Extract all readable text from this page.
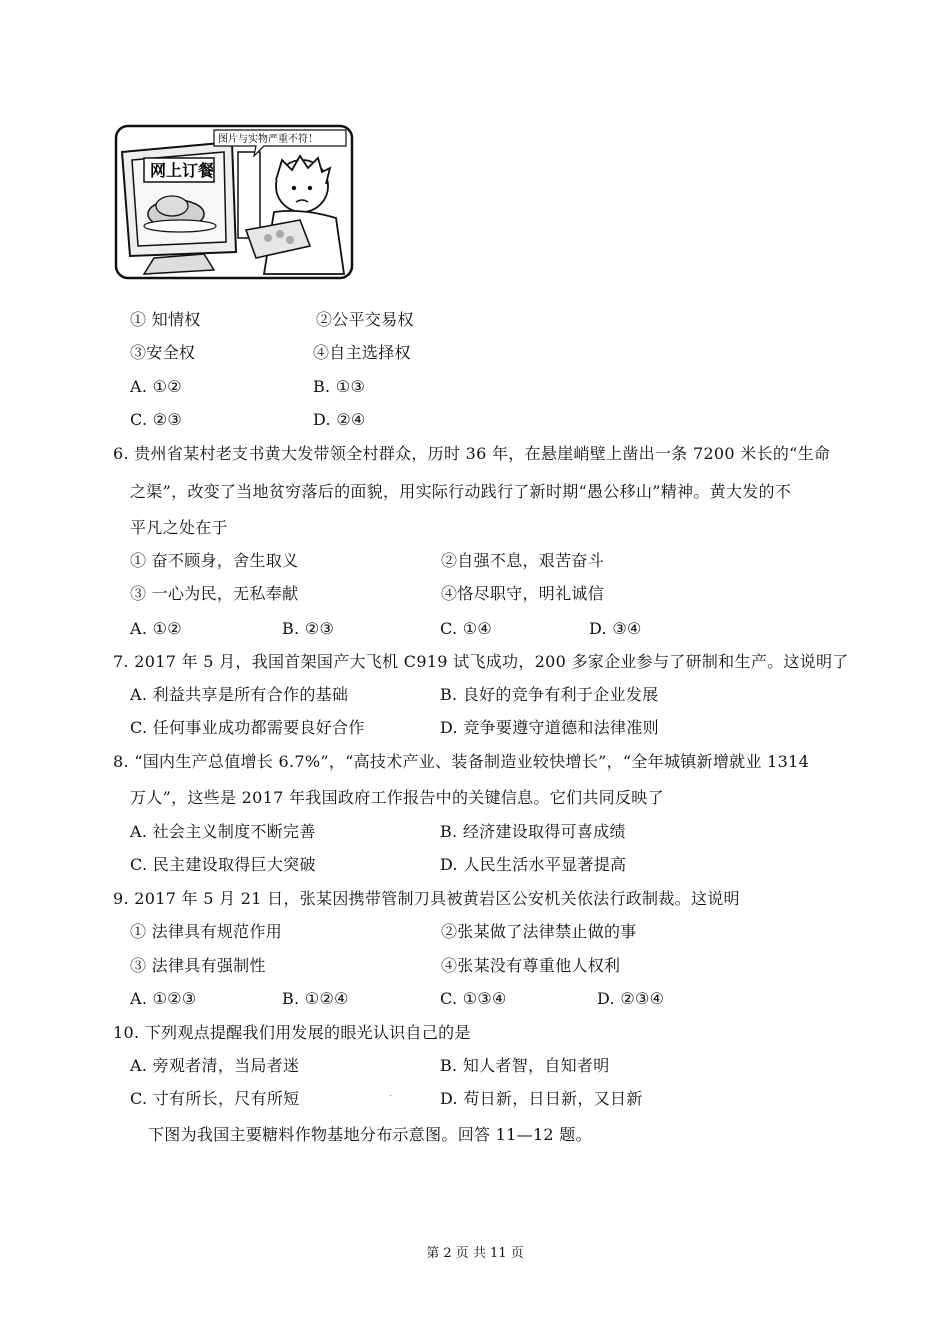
网上订餐
图片与实物严重不符！
① 知情权	②公平交易权
③安全权	④自主选择权
A. ①②	B. ①③
C. ②③	D. ②④
6. 贵州省某村老支书黄大发带领全村群众，历时 36 年，在悬崖峭壁上凿出一条 7200 米长的“生命
之渠”，改变了当地贫穷落后的面貌，用实际行动践行了新时期“愚公移山”精神。黄大发的不
平凡之处在于
① 奋不顾身，舍生取义	②自强不息，艰苦奋斗
③ 一心为民，无私奉献	④恪尽职守，明礼诚信
A. ①②	B. ②③	C. ①④	D. ③④
7. 2017 年 5 月，我国首架国产大飞机 C919 试飞成功，200 多家企业参与了研制和生产。这说明了
A. 利益共享是所有合作的基础	B. 良好的竞争有利于企业发展
C. 任何事业成功都需要良好合作	D. 竞争要遵守道德和法律准则
8. “国内生产总值增长 6.7%”，“高技术产业、装备制造业较快增长”，“全年城镇新增就业 1314
万人”，这些是 2017 年我国政府工作报告中的关键信息。它们共同反映了
A. 社会主义制度不断完善	B. 经济建设取得可喜成绩
C. 民主建设取得巨大突破	D. 人民生活水平显著提高
9. 2017 年 5 月 21 日，张某因携带管制刀具被黄岩区公安机关依法行政制裁。这说明
① 法律具有规范作用	②张某做了法律禁止做的事
③ 法律具有强制性	④张某没有尊重他人权利
A. ①②③	B. ①②④	C. ①③④	D. ②③④
10. 下列观点提醒我们用发展的眼光认识自己的是
A. 旁观者清，当局者迷	B. 知人者智，自知者明
C. 寸有所长，尺有所短	D. 苟日新，日日新，又日新
.
下图为我国主要糖料作物基地分布示意图。回答 11—12 题。
第 2 页 共 11 页
